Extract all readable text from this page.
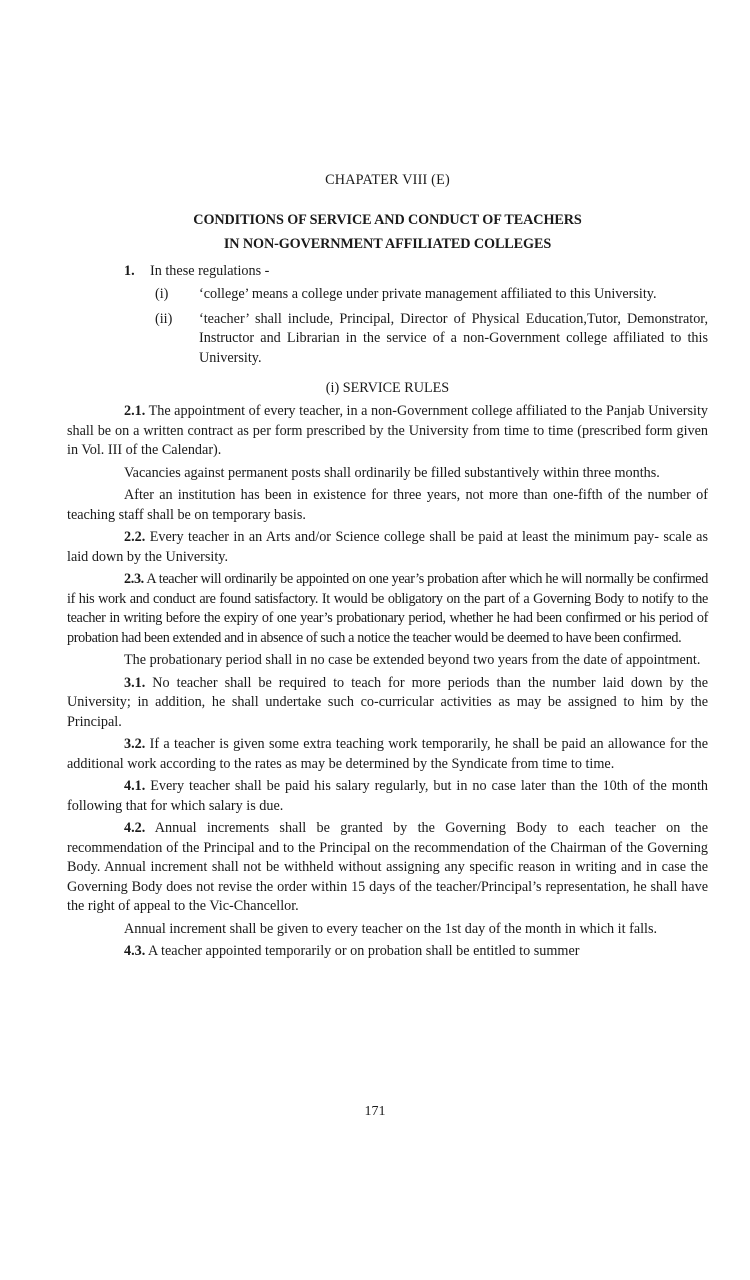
CHAPATER VIII (E)

CONDITIONS OF SERVICE AND CONDUCT OF TEACHERS

IN NON-GOVERNMENT AFFILIATED COLLEGES

1.	In these regulations -
(i)	‘college’ means a college under private management affiliated to this University.
(ii)	‘teacher’ shall include, Principal, Director of Physical Education,Tutor, Demonstrator, Instructor and Librarian in the service of a non-Government college affiliated to this University.
(i) SERVICE RULES

2.1. The appointment of every teacher, in a non-Government college affiliated to the Panjab University shall be on a written contract as per form prescribed by the University from time to time (prescribed form given in Vol. III of the Calendar).

Vacancies against permanent posts shall ordinarily be filled substantively within three months.

After an institution has been in existence for three years, not more than one-fifth of the number of teaching staff shall be on temporary basis.

2.2. Every teacher in an Arts and/or Science college shall be paid at least the minimum pay- scale as laid down by the University.

2.3. A teacher will ordinarily be appointed on one year’s probation after which he will normally be confirmed if his work and conduct are found satisfactory. It would be obligatory on the part of a Governing Body to notify to the teacher in writing before the expiry of one year’s probationary period, whether he had been confirmed or his period of probation had been extended and in absence of such a notice the teacher would be deemed to have been confirmed.

The probationary period shall in no case be extended beyond two years from the date of appointment.

3.1. No teacher shall be required to teach for more periods than the number laid down by the University; in addition, he shall undertake such co-curricular activities as may be assigned to him by the Principal.

3.2. If a teacher is given some extra teaching work temporarily, he shall be paid an allowance for the additional work according to the rates as may be determined by the Syndicate from time to time.

4.1. Every teacher shall be paid his salary regularly, but in no case later than the 10th of the month following that for which salary is due.

4.2. Annual increments shall be granted by the Governing Body to each teacher on the recommendation of the Principal and to the Principal on the recommendation of the Chairman of the Governing Body. Annual increment shall not be withheld without assigning any specific reason in writing and in case the Governing Body does not revise the order within 15 days of the teacher/Principal’s representation, he shall have the right of appeal to the Vic-Chancellor.

Annual increment shall be given to every teacher on the 1st day of the month in which it falls.

4.3. A teacher appointed temporarily or on probation shall be entitled to summer

171
